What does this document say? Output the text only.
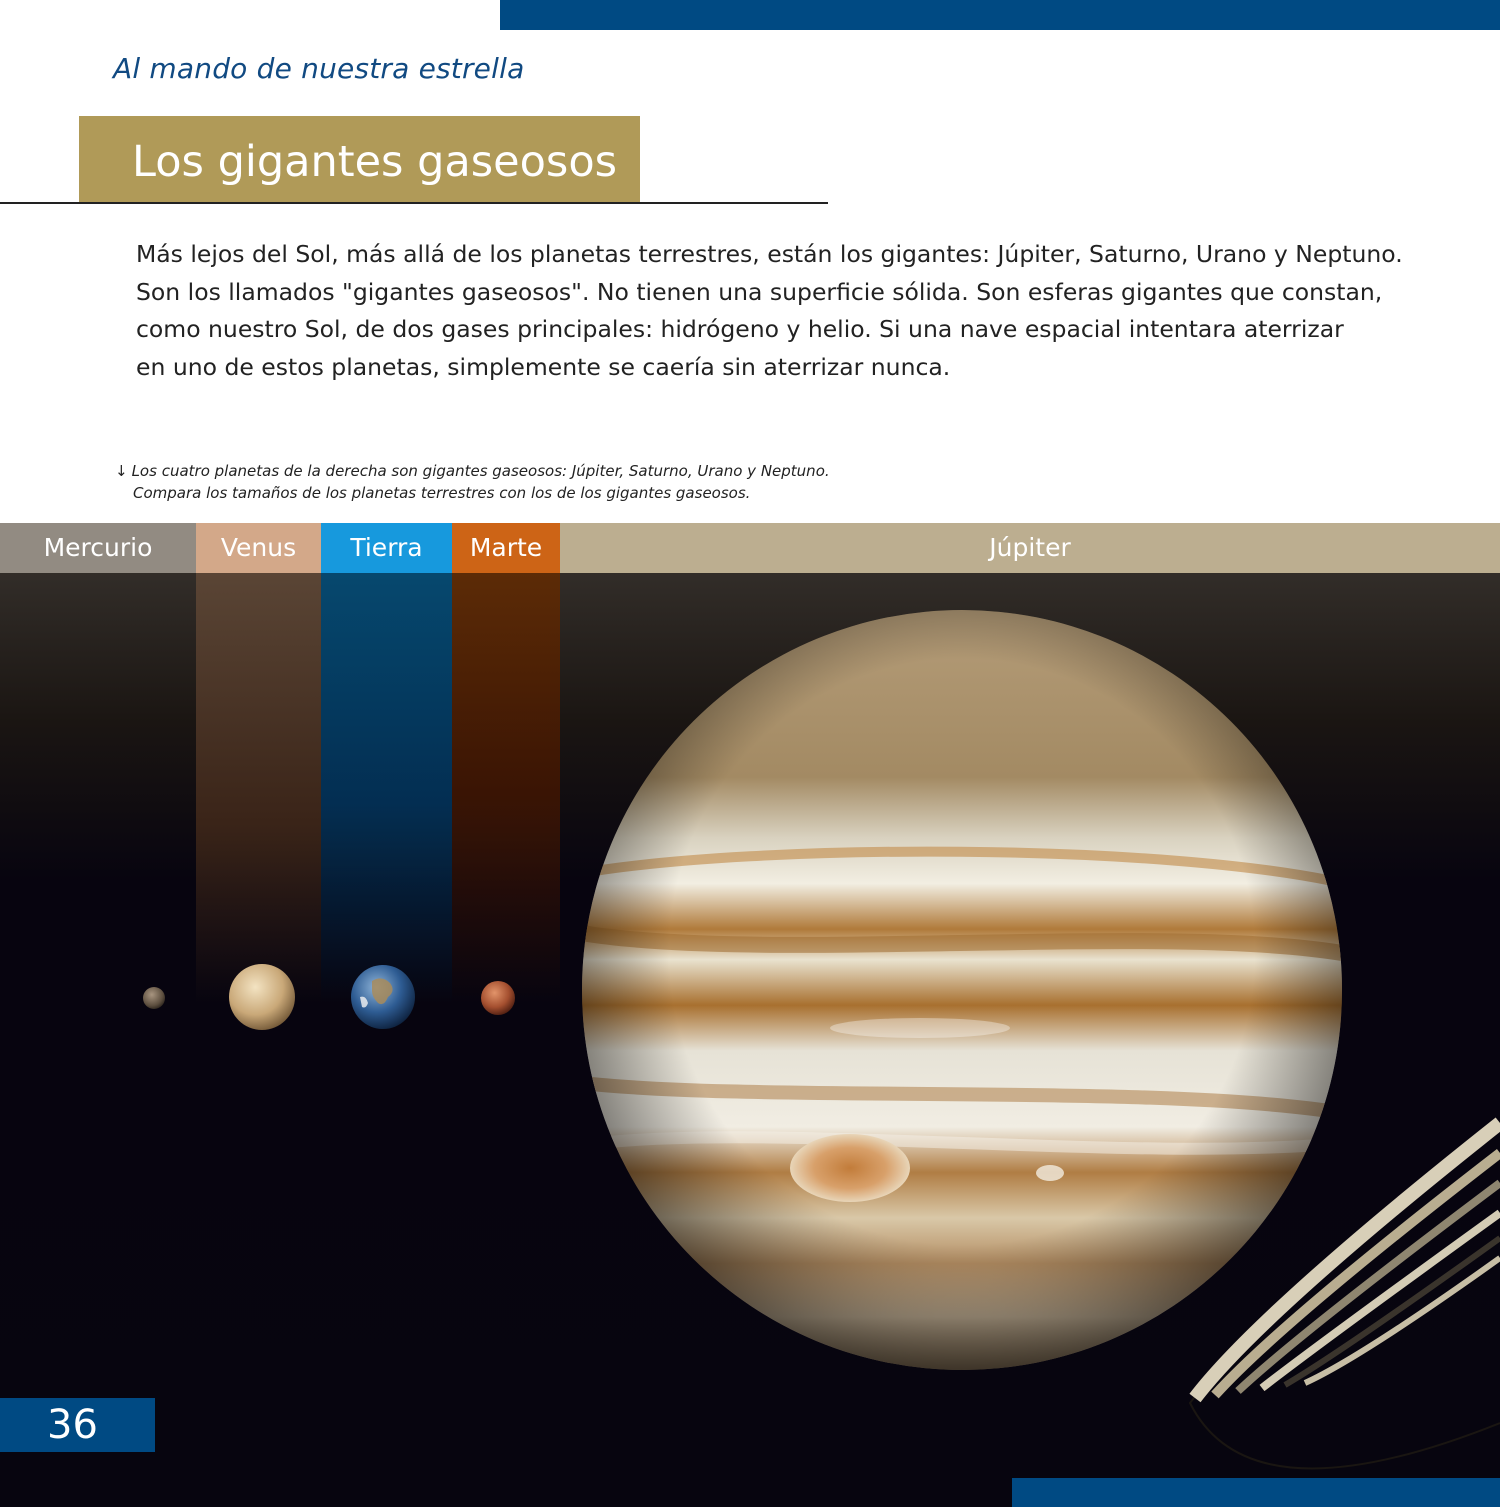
Al mando de nuestra estrella
Los gigantes gaseosos

Más lejos del Sol, más allá de los planetas terrestres, están los gigantes: Júpiter, Saturno, Urano y Neptuno.

Son los llamados "gigantes gaseosos". No tienen una superficie sólida. Son esferas gigantes que constan,

como nuestro Sol, de dos gases principales: hidrógeno y helio. Si una nave espacial intentara aterrizar

en uno de estos planetas, simplemente se caería sin aterrizar nunca.

↓ Los cuatro planetas de la derecha son gigantes gaseosos: Júpiter, Saturno, Urano y Neptuno.
Compara los tamaños de los planetas terrestres con los de los gigantes gaseosos.
Mercurio	Venus	Tierra	Marte	Júpiter
36
